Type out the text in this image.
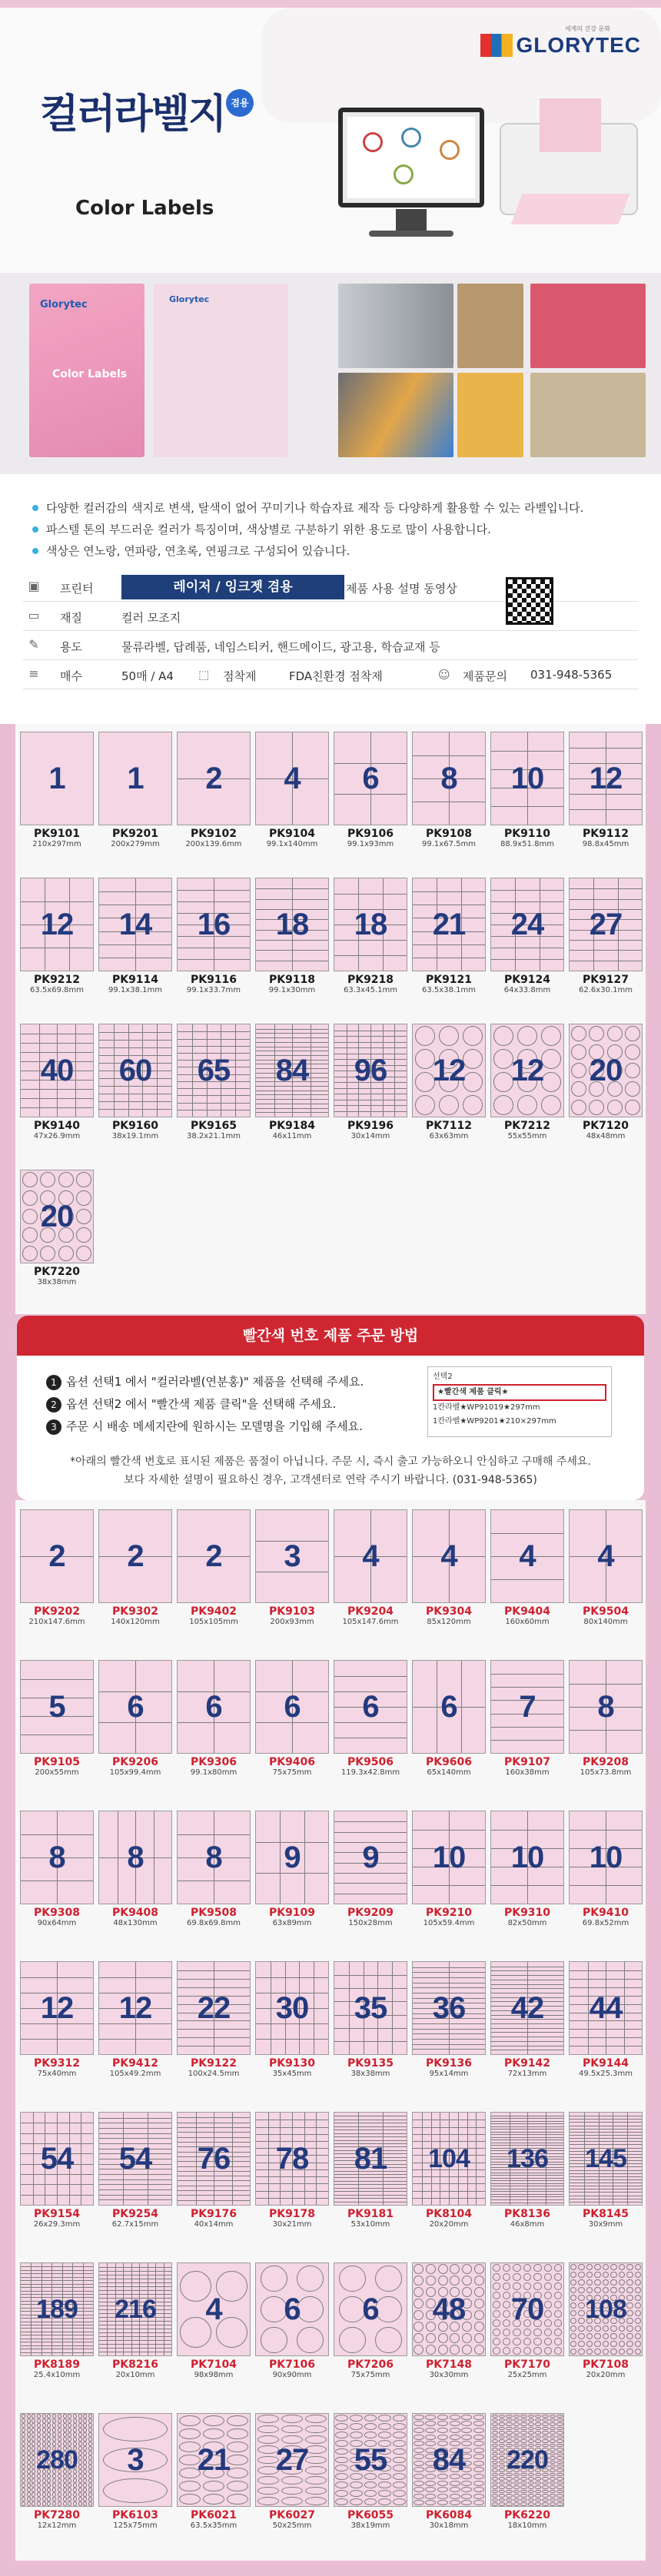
세계의 건강 문화
GLORYTEC
겸용
컬러라벨지
Color Labels
Glorytec
Color Labels
Glorytec
다양한 컬러감의 색지로 변색, 탈색이 없어 꾸미기나 학습자료 제작 등 다양하게 활용할 수 있는 라벨입니다.
파스텔 톤의 부드러운 컬러가 특징이며, 색상별로 구분하기 위한 용도로 많이 사용합니다.
색상은 연노랑, 연파랑, 연초록, 연핑크로 구성되어 있습니다.
▣	프린터	레이저 / 잉크젯 겸용
▭	재질	컬러 모조지
✎	용도	물류라벨, 답례품, 네임스티커, 핸드메이드, 광고용, 학습교재 등
≡	매수	50매 / A4 ⬚ 점착제	FDA친환경 점착제	☺ 제품문의 031-948-5365
제품 사용 설명 동영상
1
PK9101
210x297mm
1
PK9201
200x279mm
2
PK9102
200x139.6mm
4
PK9104
99.1x140mm
6
PK9106
99.1x93mm
8
PK9108
99.1x67.5mm
10
PK9110
88.9x51.8mm
12
PK9112
98.8x45mm
12
PK9212
63.5x69.8mm
14
PK9114
99.1x38.1mm
16
PK9116
99.1x33.7mm
18
PK9118
99.1x30mm
18
PK9218
63.3x45.1mm
21
PK9121
63.5x38.1mm
24
PK9124
64x33.8mm
27
PK9127
62.6x30.1mm
40
PK9140
47x26.9mm
60
PK9160
38x19.1mm
65
PK9165
38.2x21.1mm
84
PK9184
46x11mm
96
PK9196
30x14mm
12
PK7112
63x63mm
12
PK7212
55x55mm
20
PK7120
48x48mm
20
PK7220
38x38mm
2
PK9202
210x147.6mm
2
PK9302
140x120mm
2
PK9402
105x105mm
3
PK9103
200x93mm
4
PK9204
105x147.6mm
4
PK9304
85x120mm
4
PK9404
160x60mm
4
PK9504
80x140mm
5
PK9105
200x55mm
6
PK9206
105x99.4mm
6
PK9306
99.1x80mm
6
PK9406
75x75mm
6
PK9506
119.3x42.8mm
6
PK9606
65x140mm
7
PK9107
160x38mm
8
PK9208
105x73.8mm
8
PK9308
90x64mm
8
PK9408
48x130mm
8
PK9508
69.8x69.8mm
9
PK9109
63x89mm
9
PK9209
150x28mm
10
PK9210
105x59.4mm
10
PK9310
82x50mm
10
PK9410
69.8x52mm
12
PK9312
75x40mm
12
PK9412
105x49.2mm
22
PK9122
100x24.5mm
30
PK9130
35x45mm
35
PK9135
38x38mm
36
PK9136
95x14mm
42
PK9142
72x13mm
44
PK9144
49.5x25.3mm
54
PK9154
26x29.3mm
54
PK9254
62.7x15mm
76
PK9176
40x14mm
78
PK9178
30x21mm
81
PK9181
53x10mm
104
PK8104
20x20mm
136
PK8136
46x8mm
145
PK8145
30x9mm
189
PK8189
25.4x10mm
216
PK8216
20x10mm
4
PK7104
98x98mm
6
PK7106
90x90mm
6
PK7206
75x75mm
48
PK7148
30x30mm
70
PK7170
25x25mm
108
PK7108
20x20mm
280
PK7280
12x12mm
3
PK6103
125x75mm
21
PK6021
63.5x35mm
27
PK6027
50x25mm
55
PK6055
38x19mm
84
PK6084
30x18mm
220
PK6220
18x10mm
빨간색 번호 제품 주문 방법
1 옵션 선택1 에서 "컬러라벨(연분홍)" 제품을 선택해 주세요.
2 옵션 선택2 에서 "빨간색 제품 클릭"을 선택해 주세요.
3 주문 시 배송 메세지란에 원하시는 모델명을 기입해 주세요.
선택2
★빨간색 제품 클릭★
1칸라벨★WP91019★297mm
1칸라벨★WP9201★210×297mm
*아래의 빨간색 번호로 표시된 제품은 품절이 아닙니다. 주문 시, 즉시 출고 가능하오니 안심하고 구매해 주세요.
보다 자세한 설명이 필요하신 경우, 고객센터로 연락 주시기 바랍니다. (031-948-5365)
